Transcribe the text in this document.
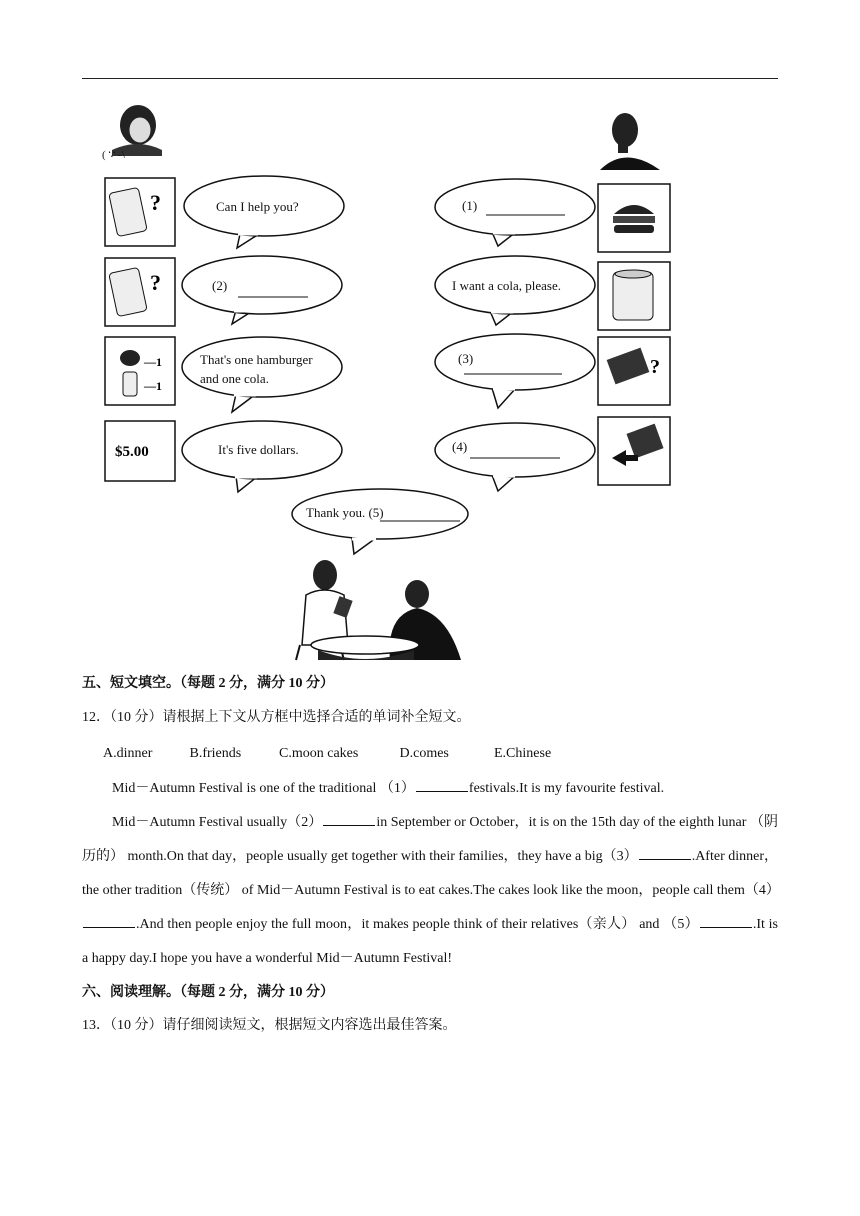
( ∵ -\
?
?
—1
—1
$5.00
?
Can I help you?
(2)
That's one hamburger
and one cola.
It's five dollars.
(1)
I want a cola, please.
(3)
(4)
Thank you. (5)
五、短文填空。（每题 2 分，满分 10 分）
12．（10 分）请根据上下文从方框中选择合适的单词补全短文。
A.dinner	B.friends	C.moon cakes	D.comes	E.Chinese
Mid－Autumn Festival is one of the traditional （1）	festivals.It is my favourite festival.
Mid－Autumn Festival usually（2）	in September or October，it is on the 15th day of the eighth lunar （阴历的） month.On that day，people usually get together with their families，they have a big（3）	.After dinner，the other tradition（传统） of Mid－Autumn Festival is to eat cakes.The cakes look like the moon，people call them（4）.And then people enjoy the full moon，it makes people think of their relatives（亲人） and （5）	.It is a happy day.I hope you have a wonderful Mid－Autumn Festival!
六、阅读理解。（每题 2 分，满分 10 分）
13．（10 分）请仔细阅读短文，根据短文内容选出最佳答案。
